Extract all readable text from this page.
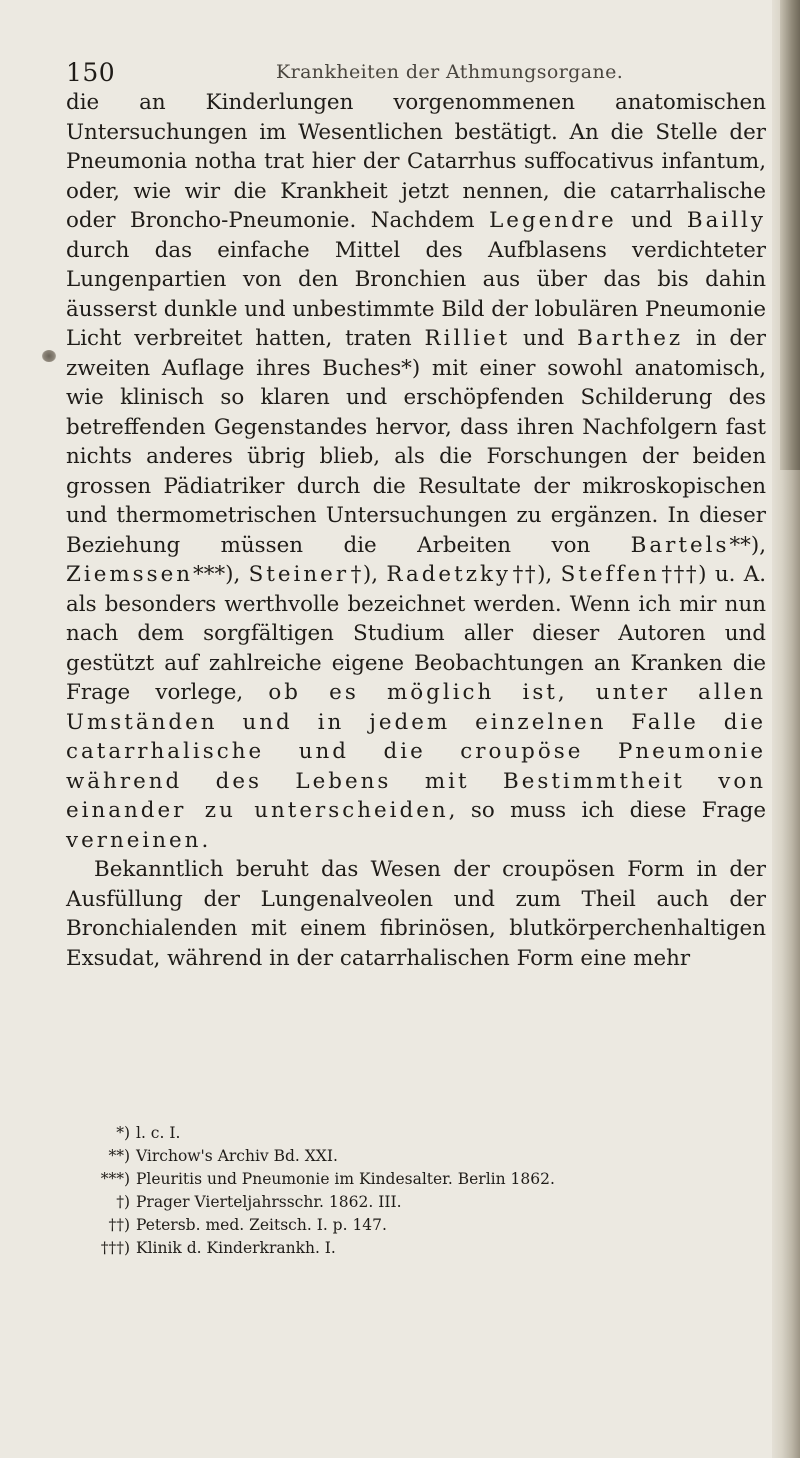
150	Krankheiten der Athmungsorgane.

die an Kinderlungen vorgenommenen anatomischen Untersuchungen im Wesentlichen bestätigt. An die Stelle der Pneumonia notha trat hier der Catarrhus suffocativus infantum, oder, wie wir die Krankheit jetzt nennen, die catarrhalische oder Broncho-Pneumonie. Nachdem Legendre und Bailly durch das einfache Mittel des Aufblasens verdichteter Lungenpartien von den Bronchien aus über das bis dahin äusserst dunkle und unbestimmte Bild der lobulären Pneumonie Licht verbreitet hatten, traten Rilliet und Barthez in der zweiten Auflage ihres Buches*) mit einer sowohl anatomisch, wie klinisch so klaren und erschöpfenden Schilderung des betreffenden Gegenstandes hervor, dass ihren Nachfolgern fast nichts anderes übrig blieb, als die Forschungen der beiden grossen Pädiatriker durch die Resultate der mikroskopischen und thermometrischen Untersuchungen zu ergänzen. In dieser Beziehung müssen die Arbeiten von Bartels**), Ziemssen***), Steiner†), Radetzky††), Steffen†††) u. A. als besonders werthvolle bezeichnet werden. Wenn ich mir nun nach dem sorgfältigen Studium aller dieser Autoren und gestützt auf zahlreiche eigene Beobachtungen an Kranken die Frage vorlege, ob es möglich ist, unter allen Umständen und in jedem einzelnen Falle die catarrhalische und die croupöse Pneumonie während des Lebens mit Bestimmtheit von einander zu unterscheiden, so muss ich diese Frage verneinen.

Bekanntlich beruht das Wesen der croupösen Form in der Ausfüllung der Lungenalveolen und zum Theil auch der Bronchialenden mit einem fibrinösen, blutkörperchenhaltigen Exsudat, während in der catarrhalischen Form eine mehr

*) l. c. I.
**) Virchow's Archiv Bd. XXI.
***) Pleuritis und Pneumonie im Kindesalter. Berlin 1862.
†) Prager Vierteljahrsschr. 1862. III.
††) Petersb. med. Zeitsch. I. p. 147.
†††) Klinik d. Kinderkrankh. I.
